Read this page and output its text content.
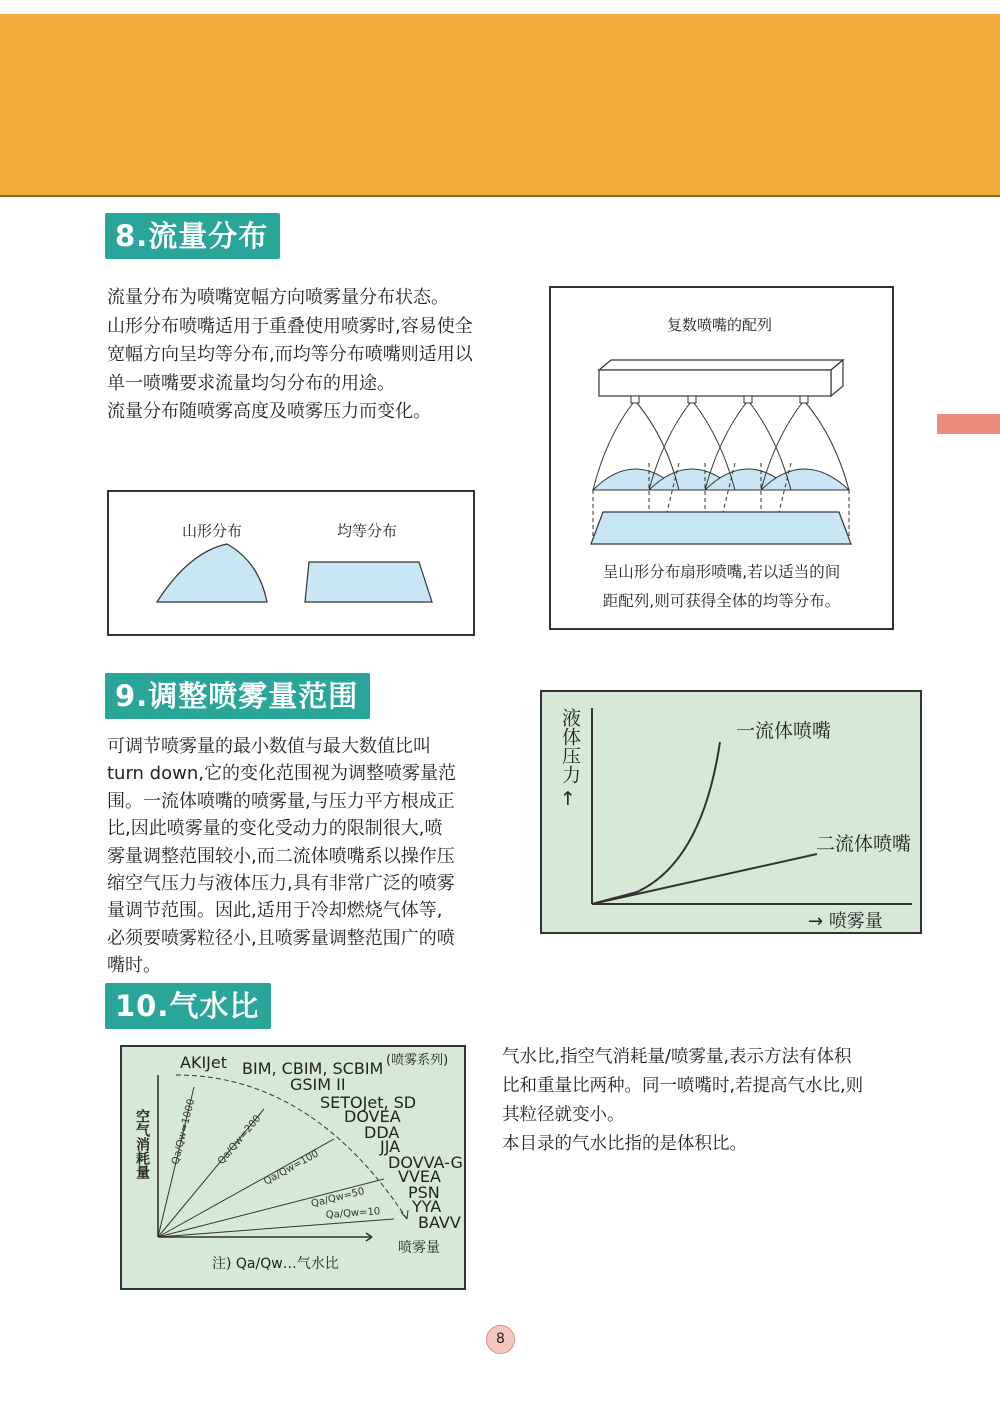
8.流量分布

流量分布为喷嘴宽幅方向喷雾量分布状态。

山形分布喷嘴适用于重叠使用喷雾时,容易使全

宽幅方向呈均等分布,而均等分布喷嘴则适用以

单一喷嘴要求流量均匀分布的用途。

流量分布随喷雾高度及喷雾压力而变化。

山形分布	均等分布
复数喷嘴的配列
呈山形分布扇形喷嘴,若以适当的间
距配列,则可获得全体的均等分布。
9.调整喷雾量范围

可调节喷雾量的最小数值与最大数值比叫

turn down,它的变化范围视为调整喷雾量范

围。一流体喷嘴的喷雾量,与压力平方根成正

比,因此喷雾量的变化受动力的限制很大,喷

雾量调整范围较小,而二流体喷嘴系以操作压

缩空气压力与液体压力,具有非常广泛的喷雾

量调节范围。因此,适用于冷却燃烧气体等,

必须要喷雾粒径小,且喷雾量调整范围广的喷

嘴时。

液体压力
↑
一流体喷嘴
二流体喷嘴
→ 喷雾量
10.气水比
Qa/Qw=1000 Qa/Qw=200
Qa/Qw=100
Qa/Qw=50
Qa/Qw=10
(喷雾系列)
空气消耗量
喷雾量
注) Qa/Qw…气水比
AKIJet BIM, CBIM, SCBIM
GSIM II
SETOJet, SD
DOVEA
DDA
JJA
DOVVA-G
VVEA
PSN
YYA
BAVV

气水比,指空气消耗量/喷雾量,表示方法有体积

比和重量比两种。同一喷嘴时,若提高气水比,则

其粒径就变小。

本目录的气水比指的是体积比。

8
